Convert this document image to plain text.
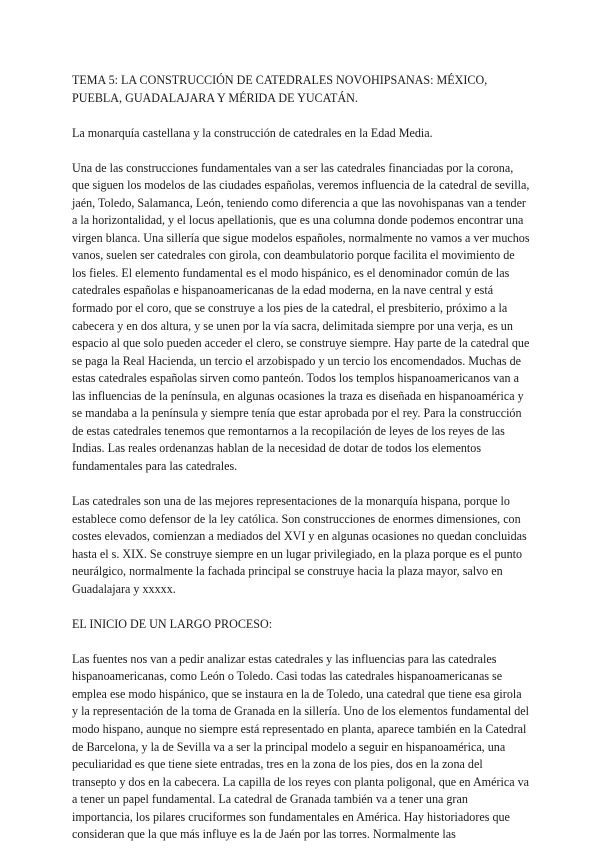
TEMA 5: LA CONSTRUCCIÓN DE CATEDRALES NOVOHIPSANAS: MÉXICO, PUEBLA, GUADALAJARA Y MÉRIDA DE YUCATÁN.

La monarquía castellana y la construcción de catedrales en la Edad Media.

Una de las construcciones fundamentales van a ser las catedrales financiadas por la corona, que siguen los modelos de las ciudades españolas, veremos influencia de la catedral de sevilla, jaén, Toledo, Salamanca, León, teniendo como diferencia a que las novohispanas van a tender a la horizontalidad, y el locus apellationis, que es una columna donde podemos encontrar una virgen blanca. Una sillería que sigue modelos españoles, normalmente no vamos a ver muchos vanos, suelen ser catedrales con girola, con deambulatorio porque facilita el movimiento de los fieles. El elemento fundamental es el modo hispánico, es el denominador común de las catedrales españolas e hispanoamericanas de la edad moderna, en la nave central y está formado por el coro, que se construye a los pies de la catedral, el presbiterio, próximo a la cabecera y en dos altura, y se unen por la vía sacra, delimitada siempre por una verja, es un espacio al que solo pueden acceder el clero, se construye siempre. Hay parte de la catedral que se paga la Real Hacienda, un tercio el arzobispado y un tercio los encomendados. Muchas de estas catedrales españolas sirven como panteón. Todos los templos hispanoamericanos van a las influencias de la península, en algunas ocasiones la traza es diseñada en hispanoamérica y se mandaba a la península y siempre tenía que estar aprobada por el rey. Para la construcción de estas catedrales tenemos que remontarnos a la recopilación de leyes de los reyes de las Indias. Las reales ordenanzas hablan de la necesidad de dotar de todos los elementos fundamentales para las catedrales.

Las catedrales son una de las mejores representaciones de la monarquía hispana, porque lo establece como defensor de la ley católica. Son construcciones de enormes dimensiones, con costes elevados, comienzan a mediados del XVI y en algunas ocasiones no quedan concluidas hasta el s. XIX. Se construye siempre en un lugar privilegiado, en la plaza porque es el punto neurálgico, normalmente la fachada principal se construye hacia la plaza mayor, salvo en Guadalajara y xxxxx.

EL INICIO DE UN LARGO PROCESO:

Las fuentes nos van a pedir analizar estas catedrales y las influencias para las catedrales hispanoamericanas, como León o Toledo. Casi todas las catedrales hispanoamericanas se emplea ese modo hispánico, que se instaura en la de Toledo, una catedral que tiene esa girola y la representación de la toma de Granada en la sillería. Uno de los elementos fundamental del modo hispano, aunque no siempre está representado en planta, aparece también en la Catedral de Barcelona, y la de Sevilla va a ser la principal modelo a seguir en hispanoamérica, una peculiaridad es que tiene siete entradas, tres en la zona de los pies, dos en la zona del transepto y dos en la cabecera. La capilla de los reyes con planta poligonal, que en América va a tener un papel fundamental. La catedral de Granada también va a tener una gran importancia, los pilares cruciformes son fundamentales en América. Hay historiadores que consideran que la que más influye es la de Jaén por las torres. Normalmente las
